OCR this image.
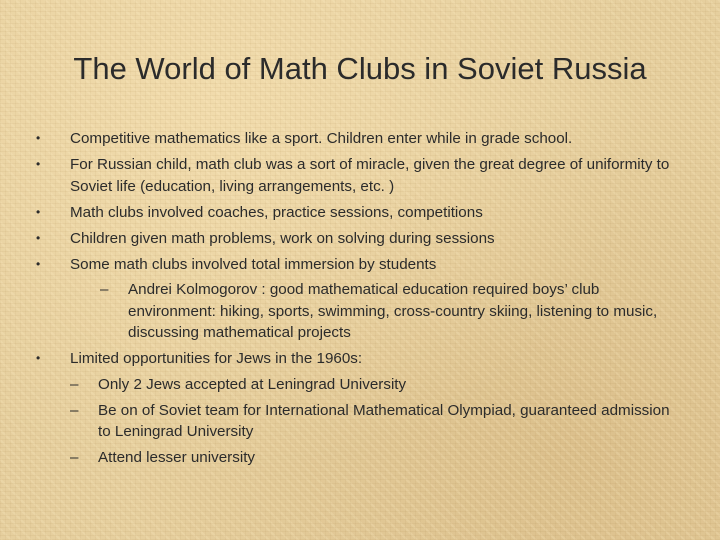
The World of Math Clubs in Soviet Russia
•	Competitive mathematics like a sport. Children enter while in grade school.
•	For Russian child, math club was a sort of miracle, given the great degree of uniformity to Soviet life (education, living arrangements, etc. )
•	Math clubs involved coaches, practice sessions, competitions
•	Children given math problems, work on solving during sessions
•	Some math clubs involved total immersion by students
–	Andrei Kolmogorov : good mathematical education required boys’ club environment: hiking, sports, swimming, cross-country skiing, listening to music, discussing mathematical projects
•	Limited opportunities for Jews in the 1960s:
–	Only 2 Jews accepted at Leningrad University
–	Be on of Soviet team for International Mathematical Olympiad, guaranteed admission to Leningrad University
–	Attend lesser university
